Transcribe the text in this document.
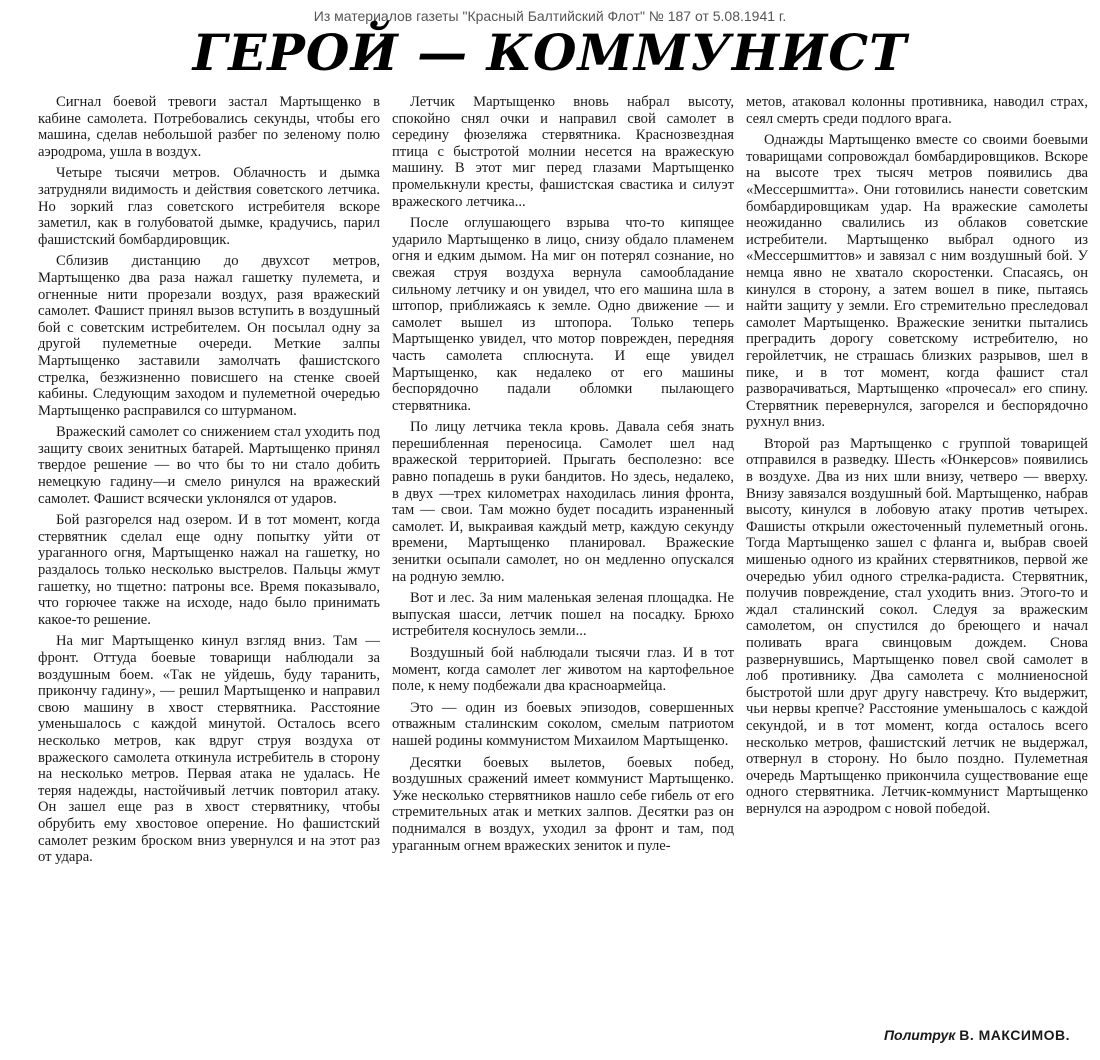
Из материалов газеты "Красный Балтийский Флот" № 187 от 5.08.1941 г.
ГЕРОЙ — КОММУНИСТ

Сигнал боевой тревоги застал Мартыщенко в кабине самолета. Потребовались секунды, чтобы его машина, сделав небольшой разбег по зеленому полю аэродрома, ушла в воздух.

Четыре тысячи метров. Облачность и дымка затрудняли видимость и действия советского летчика. Но зоркий глаз советского истребителя вскоре заметил, как в голубоватой дымке, крадучись, парил фашистский бомбардировщик.

Сблизив дистанцию до двухсот метров, Мартыщенко два раза нажал гашетку пулемета, и огненные нити прорезали воздух, разя вражеский самолет. Фашист принял вызов вступить в воздушный бой с советским истребителем. Он посылал одну за другой пулеметные очереди. Меткие залпы Мартыщенко заставили замолчать фашистского стрелка, безжизненно повисшего на стенке своей кабины. Следующим заходом и пулеметной очередью Мартыщенко расправился со штурманом.

Вражеский самолет со снижением стал уходить под защиту своих зенитных батарей. Мартыщенко принял твердое решение — во что бы то ни стало добить немецкую гадину—и смело ринулся на вражеский самолет. Фашист всячески уклонялся от ударов.

Бой разгорелся над озером. И в тот момент, когда стервятник сделал еще одну попытку уйти от ураганного огня, Мартыщенко нажал на гашетку, но раздалось только несколько выстрелов. Пальцы жмут гашетку, но тщетно: патроны все. Время показывало, что горючее также на исходе, надо было принимать какое-то решение.

На миг Мартыщенко кинул взгляд вниз. Там — фронт. Оттуда боевые товарищи наблюдали за воздушным боем. «Так не уйдешь, буду таранить, прикончу гадину», — решил Мартыщенко и направил свою машину в хвост стервятника. Расстояние уменьшалось с каждой минутой. Осталось всего несколько метров, как вдруг струя воздуха от вражеского самолета откинула истребитель в сторону на несколько метров. Первая атака не удалась. Не теряя надежды, настойчивый летчик повторил атаку. Он зашел еще раз в хвост стервятнику, чтобы обрубить ему хвостовое оперение. Но фашистский самолет резким броском вниз увернулся и на этот раз от удара.

Летчик Мартыщенко вновь набрал высоту, спокойно снял очки и направил свой самолет в середину фюзеляжа стервятника. Краснозвездная птица с быстротой молнии несется на вражескую машину. В этот миг перед глазами Мартыщенко промелькнули кресты, фашистская свастика и силуэт вражеского летчика...

После оглушающего взрыва что-то кипящее ударило Мартыщенко в лицо, снизу обдало пламенем огня и едким дымом. На миг он потерял сознание, но свежая струя воздуха вернула самообладание сильному летчику и он увидел, что его машина шла в штопор, приближаясь к земле. Одно движение — и самолет вышел из штопора. Только теперь Мартыщенко увидел, что мотор поврежден, передняя часть самолета сплюснута. И еще увидел Мартыщенко, как недалеко от его машины беспорядочно падали обломки пылающего стервятника.

По лицу летчика текла кровь. Давала себя знать перешибленная переносица. Самолет шел над вражеской территорией. Прыгать бесполезно: все равно попадешь в руки бандитов. Но здесь, недалеко, в двух —трех километрах находилась линия фронта, там — свои. Там можно будет посадить израненный самолет. И, выкраивая каждый метр, каждую секунду времени, Мартыщенко планировал. Вражеские зенитки осыпали самолет, но он медленно опускался на родную землю.

Вот и лес. За ним маленькая зеленая площадка. Не выпуская шасси, летчик пошел на посадку. Брюхо истребителя коснулось земли...

Воздушный бой наблюдали тысячи глаз. И в тот момент, когда самолет лег животом на картофельное поле, к нему подбежали два красноармейца.

Это — один из боевых эпизодов, совершенных отважным сталинским соколом, смелым патриотом нашей родины коммунистом Михаилом Мартыщенко.

Десятки боевых вылетов, боевых побед, воздушных сражений имеет коммунист Мартыщенко. Уже несколько стервятников нашло себе гибель от его стремительных атак и метких залпов. Десятки раз он поднимался в воздух, уходил за фронт и там, под ураганным огнем вражеских зениток и пуле-

метов, атаковал колонны противника, наводил страх, сеял смерть среди подлого врага.

Однажды Мартыщенко вместе со своими боевыми товарищами сопровождал бомбардировщиков. Вскоре на высоте трех тысяч метров появились два «Мессершмитта». Они готовились нанести советским бомбардировщикам удар. На вражеские самолеты неожиданно свалились из облаков советские истребители. Мартыщенко выбрал одного из «Мессершмиттов» и завязал с ним воздушный бой. У немца явно не хватало скоростенки. Спасаясь, он кинулся в сторону, а затем вошел в пике, пытаясь найти защиту у земли. Его стремительно преследовал самолет Мартыщенко. Вражеские зенитки пытались преградить дорогу советскому истребителю, но геройлетчик, не страшась близких разрывов, шел в пике, и в тот момент, когда фашист стал разворачиваться, Мартыщенко «прочесал» его спину. Стервятник перевернулся, загорелся и беспорядочно рухнул вниз.

Второй раз Мартыщенко с группой товарищей отправился в разведку. Шесть «Юнкерсов» появились в воздухе. Два из них шли внизу, четверо — вверху. Внизу завязался воздушный бой. Мартыщенко, набрав высоту, кинулся в лобовую атаку против четырех. Фашисты открыли ожесточенный пулеметный огонь. Тогда Мартыщенко зашел с фланга и, выбрав своей мишенью одного из крайних стервятников, первой же очередью убил одного стрелка-радиста. Стервятник, получив повреждение, стал уходить вниз. Этого-то и ждал сталинский сокол. Следуя за вражеским самолетом, он спустился до бреющего и начал поливать врага свинцовым дождем. Снова развернувшись, Мартыщенко повел свой самолет в лоб противнику. Два самолета с молниеносной быстротой шли друг другу навстречу. Кто выдержит, чьи нервы крепче? Расстояние уменьшалось с каждой секундой, и в тот момент, когда осталось всего несколько метров, фашистский летчик не выдержал, отвернул в сторону. Но было поздно. Пулеметная очередь Мартыщенко прикончила существование еще одного стервятника. Летчик-коммунист Мартыщенко вернулся на аэродром с новой победой.

Политрук В. МАКСИМОВ.
